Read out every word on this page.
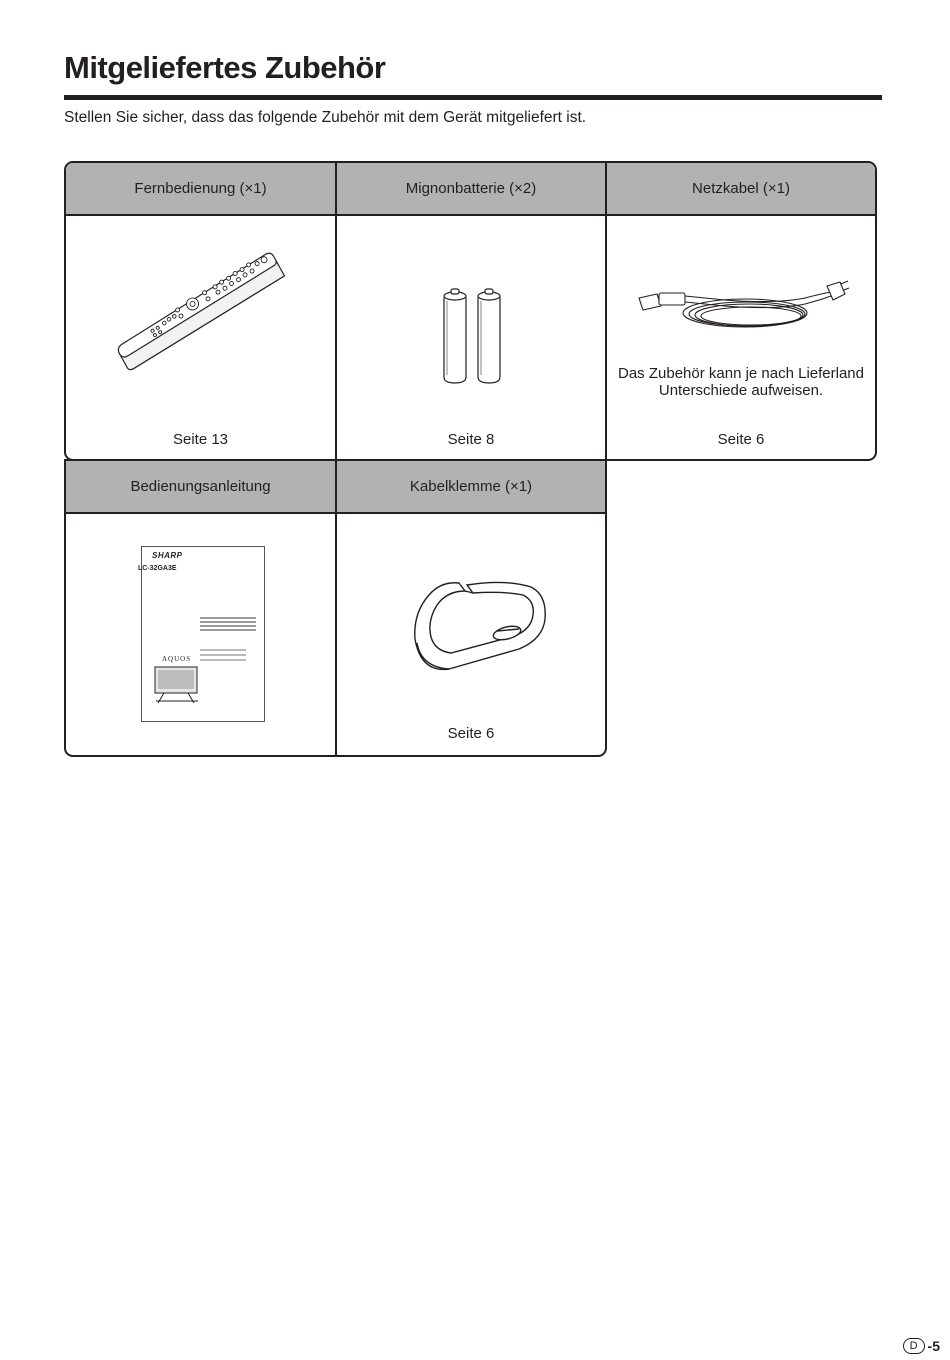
Mitgeliefertes Zubehör

Stellen Sie sicher, dass das folgende Zubehör mit dem Gerät mitgeliefert ist.

Fernbedienung (×1)
Seite 13
Mignonbatterie (×2)
Seite 8
Netzkabel (×1)
Das Zubehör kann je nach Lieferland
Unterschiede aufweisen.
Seite 6
Bedienungsanleitung
SHARP
LC-32GA3E
AQUOS
Kabelklemme (×1)
Seite 6
D -5
